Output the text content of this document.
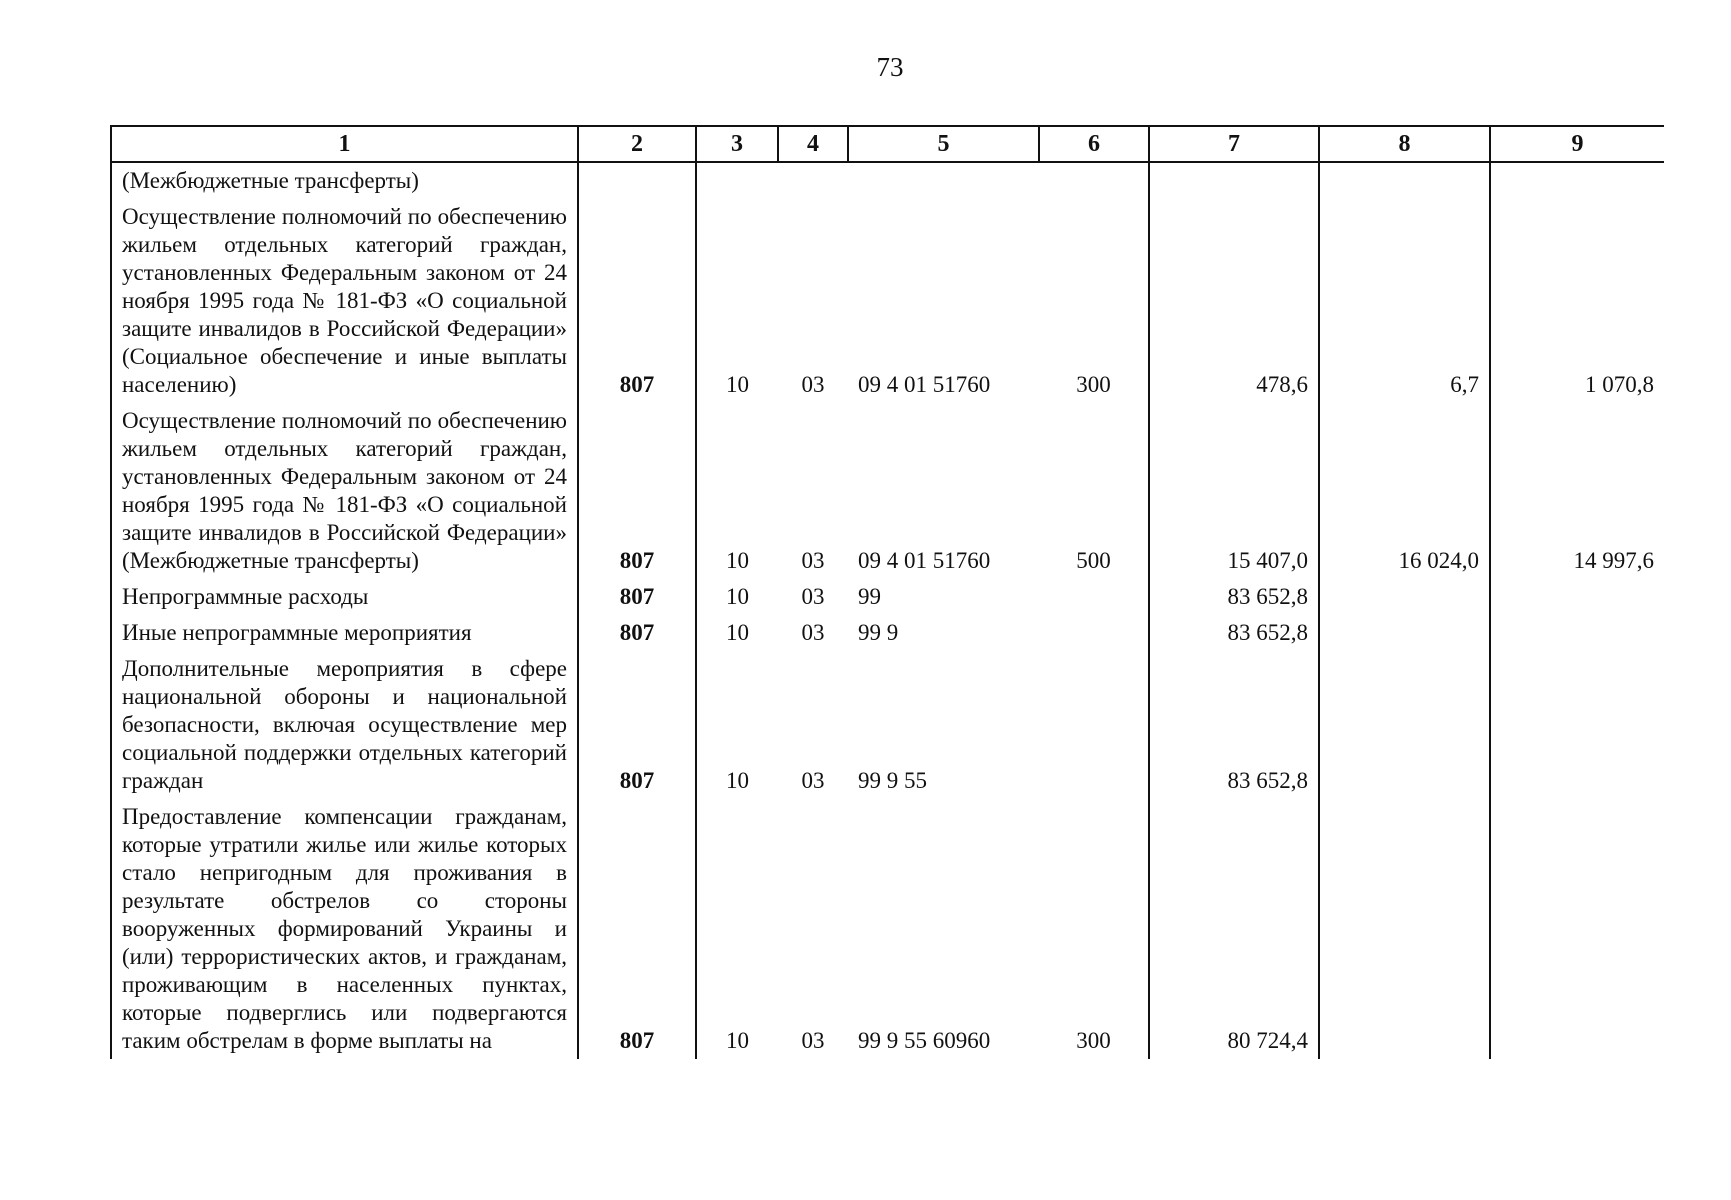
73
1	2	3	4	5	6	7	8	9
(Межбюджетные трансферты)								
Осуществление полномочий по обеспечению жильем отдельных категорий граждан, установленных Федеральным законом от 24 ноября 1995 года № 181-ФЗ «О социальной защите инвалидов в Российской Федерации» (Социальное обеспечение и иные выплаты населению)	807	10	03	09 4 01 51760	300	478,6	6,7	1 070,8
Осуществление полномочий по обеспечению жильем отдельных категорий граждан, установленных Федеральным законом от 24 ноября 1995 года № 181-ФЗ «О социальной защите инвалидов в Российской Федерации» (Межбюджетные трансферты)	807	10	03	09 4 01 51760	500	15 407,0	16 024,0	14 997,6
Непрограммные расходы	807	10	03	99		83 652,8		
Иные непрограммные мероприятия	807	10	03	99 9		83 652,8		
Дополнительные мероприятия в сфере национальной обороны и национальной безопасности, включая осуществление мер социальной поддержки отдельных категорий граждан	807	10	03	99 9 55		83 652,8		
Предоставление компенсации гражданам, которые утратили жилье или жилье которых стало непригодным для проживания в результате обстрелов со стороны вооруженных формирований Украины и (или) террористических актов, и гражданам, проживающим в населенных пунктах, которые подверглись или подвергаются таким обстрелам в форме выплаты на	807	10	03	99 9 55 60960	300	80 724,4		
